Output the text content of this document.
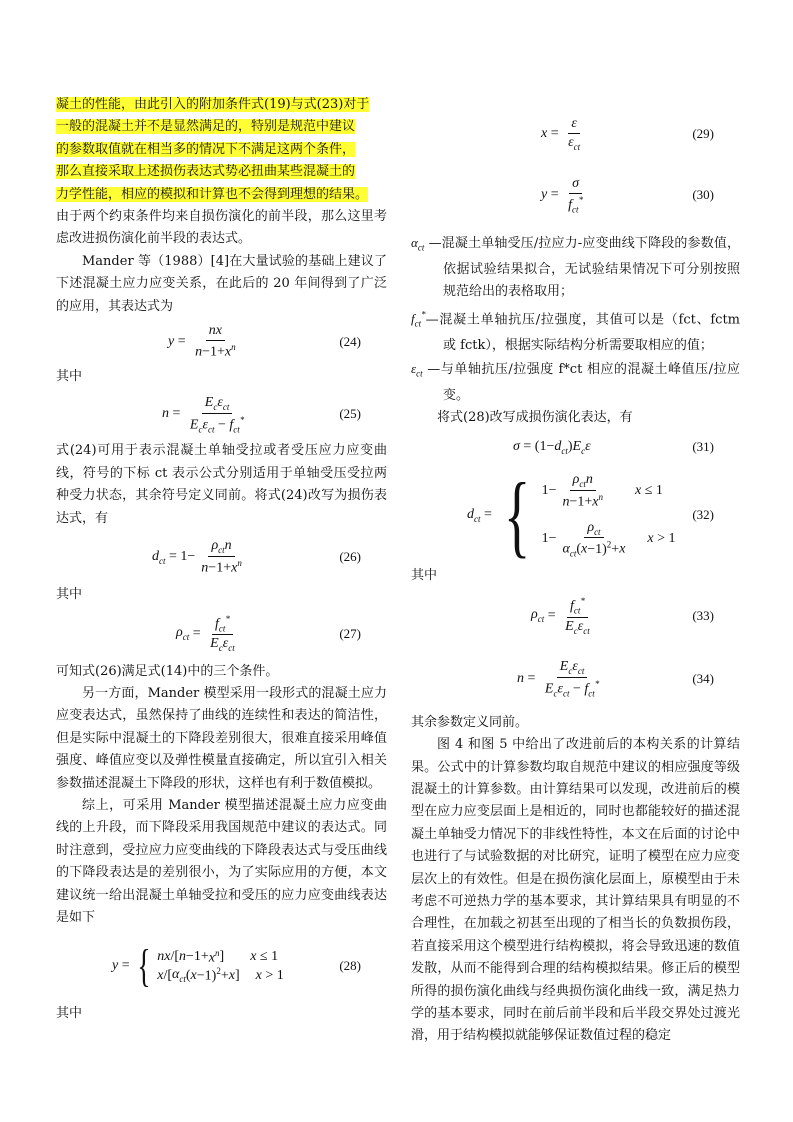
凝土的性能，由此引入的附加条件式(19)与式(23)对于
一般的混凝土并不是显然满足的，特别是规范中建议
的参数取值就在相当多的情况下不满足这两个条件，
那么直接采取上述损伤表达式势必扭曲某些混凝土的
力学性能，相应的模拟和计算也不会得到理想的结果。

由于两个约束条件均来自损伤演化的前半段，那么这里考虑改进损伤演化前半段的表达式。

Mander 等（1988）[4]在大量试验的基础上建议了下述混凝土应力应变关系，在此后的 20 年间得到了广泛的应用，其表达式为

$y = \frac{nx}{n-1+x^n}$	(24)

其中

$n = \frac{E_c\varepsilon_{ct}}{E_c\varepsilon_{ct} - f_{ct}^*}$	(25)

式(24)可用于表示混凝土单轴受拉或者受压应力应变曲线，符号的下标 ct 表示公式分别适用于单轴受压受拉两种受力状态，其余符号定义同前。将式(24)改写为损伤表达式，有

$d_{ct} = 1- \frac{\rho_{ct}n}{n-1+x^n}$	(26)

其中

$\rho_{ct} = \frac{f_{ct}^*}{E_c\varepsilon_{ct}}$	(27)

可知式(26)满足式(14)中的三个条件。

另一方面，Mander 模型采用一段形式的混凝土应力应变表达式，虽然保持了曲线的连续性和表达的简洁性，但是实际中混凝土的下降段差别很大，很难直接采用峰值强度、峰值应变以及弹性模量直接确定，所以宜引入相关参数描述混凝土下降段的形状，这样也有利于数值模拟。

综上，可采用 Mander 模型描述混凝土应力应变曲线的上升段，而下降段采用我国规范中建议的表达式。同时注意到，受拉应力应变曲线的下降段表达式与受压曲线的下降段表达是的差别很小，为了实际应用的方便，本文建议统一给出混凝土单轴受拉和受压的应力应变曲线表达是如下

y = { nx /[ $n -1+ x^n$ ] x ≤ 1
x /[ $\alpha_{ct}$ ( x −1)$^2$+ x ] x > 1
(28)

其中

$x = \frac{\varepsilon}{\varepsilon_{ct}}$	(29)
$y = \frac{\sigma}{f_{ct}^*}$	(30)

$\alpha_{ct}$ —混凝土单轴受压/拉应力-应变曲线下降段的参数值，依据试验结果拟合，无试验结果情况下可分别按照规范给出的表格取用；

$f_{ct}^*—$混凝土单轴抗压/拉强度，其值可以是（fct、fctm 或 fctk），根据实际结构分析需要取相应的值；

$\varepsilon_{ct}$ —与单轴抗压/拉强度 f*ct 相应的混凝土峰值压/拉应变。

将式(28)改写成损伤演化表达，有

$\sigma = (1- d_{ct}$ ) $E_c\varepsilon$	(31)
$d_{ct}$ = { $1- \frac{\rho_{ct}n}{n-1+x^n}$ x ≤ 1
$1- \frac{\rho_{ct}}{\alpha_{ct}(x-1)^2+x}$ x > 1
(32)

其中

$\rho_{ct} = \frac{f_{ct}^*}{E_c\varepsilon_{ct}}$	(33)
$n = \frac{E_c\varepsilon_{ct}}{E_c\varepsilon_{ct} - f_{ct}^*}$	(34)

其余参数定义同前。

图 4 和图 5 中给出了改进前后的本构关系的计算结果。公式中的计算参数均取自规范中建议的相应强度等级混凝土的计算参数。由计算结果可以发现，改进前后的模型在应力应变层面上是相近的，同时也都能较好的描述混凝土单轴受力情况下的非线性特性，本文在后面的讨论中也进行了与试验数据的对比研究，证明了模型在应力应变层次上的有效性。但是在损伤演化层面上，原模型由于未考虑不可逆热力学的基本要求，其计算结果具有明显的不合理性，在加载之初甚至出现的了相当长的负数损伤段，若直接采用这个模型进行结构模拟，将会导致迅速的数值发散，从而不能得到合理的结构模拟结果。修正后的模型所得的损伤演化曲线与经典损伤演化曲线一致，满足热力学的基本要求，同时在前后前半段和后半段交界处过渡光滑，用于结构模拟就能够保证数值过程的稳定
